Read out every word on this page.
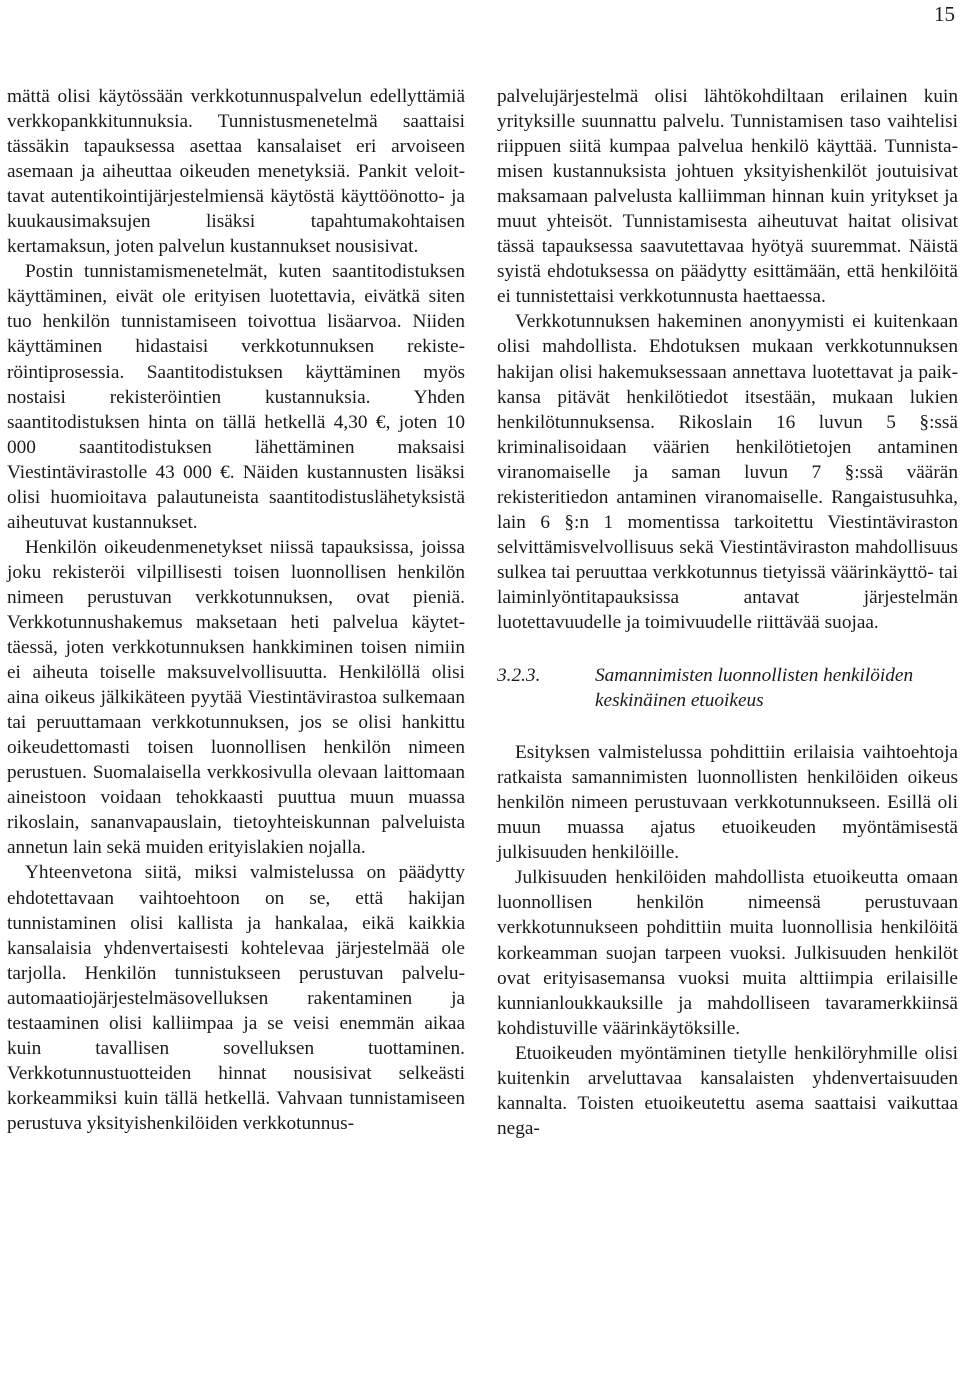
15

mättä olisi käytössään verkkotunnuspalvelun edellyttämiä verkkopankkitunnuksia. Tunnistusmenetelmä saattaisi tässäkin tapauksessa asettaa kansalaiset eri arvoiseen asemaan ja aiheuttaa oikeuden menetyksiä. Pankit veloittavat autentikointijärjestelmiensä käytöstä käyttöönotto- ja kuukausimaksujen lisäksi tapahtumakohtaisen kertamaksun, joten palvelun kustannukset nousisivat.

Postin tunnistamismenetelmät, kuten saantitodistuksen käyttäminen, eivät ole erityisen luotettavia, eivätkä siten tuo henkilön tunnistamiseen toivottua lisäarvoa. Niiden käyttäminen hidastaisi verkkotunnuksen rekisteröintiprosessia. Saantitodistuksen käyttäminen myös nostaisi rekisteröintien kustannuksia. Yhden saantitodistuksen hinta on tällä hetkellä 4,30 €, joten 10 000 saantitodistuksen lähettäminen maksaisi Viestintävirastolle 43 000 €. Näiden kustannusten lisäksi olisi huomioitava palautuneista saantitodistuslähetyksistä aiheutuvat kustannukset.

Henkilön oikeudenmenetykset niissä tapauksissa, joissa joku rekisteröi vilpillisesti toisen luonnollisen henkilön nimeen perustuvan verkkotunnuksen, ovat pieniä. Verkkotunnushakemus maksetaan heti palvelua käytettäessä, joten verkkotunnuksen hankkiminen toisen nimiin ei aiheuta toiselle maksuvelvollisuutta. Henkilöllä olisi aina oikeus jälkikäteen pyytää Viestintävirastoa sulkemaan tai peruuttamaan verkkotunnuksen, jos se olisi hankittu oikeudettomasti toisen luonnollisen henkilön nimeen perustuen. Suomalaisella verkkosivulla olevaan laittomaan aineistoon voidaan tehokkaasti puuttua muun muassa rikoslain, sananvapauslain, tietoyhteiskunnan palveluista annetun lain sekä muiden erityislakien nojalla.

Yhteenvetona siitä, miksi valmistelussa on päädytty ehdotettavaan vaihtoehtoon on se, että hakijan tunnistaminen olisi kallista ja hankalaa, eikä kaikkia kansalaisia yhdenvertaisesti kohtelevaa järjestelmää ole tarjolla. Henkilön tunnistukseen perustuvan palveluautomaatiojärjestelmäsovelluksen rakentaminen ja testaaminen olisi kalliimpaa ja se veisi enemmän aikaa kuin tavallisen sovelluksen tuottaminen. Verkkotunnustuotteiden hinnat nousisivat selkeästi korkeammiksi kuin tällä hetkellä. Vahvaan tunnistamiseen perustuva yksityishenkilöiden verkkotunnus-

palvelujärjestelmä olisi lähtökohdiltaan erilainen kuin yrityksille suunnattu palvelu. Tunnistamisen taso vaihtelisi riippuen siitä kumpaa palvelua henkilö käyttää. Tunnistamisen kustannuksista johtuen yksityishenkilöt joutuisivat maksamaan palvelusta kalliimman hinnan kuin yritykset ja muut yhteisöt. Tunnistamisesta aiheutuvat haitat olisivat tässä tapauksessa saavutettavaa hyötyä suuremmat. Näistä syistä ehdotuksessa on päädytty esittämään, että henkilöitä ei tunnistettaisi verkkotunnusta haettaessa.

Verkkotunnuksen hakeminen anonyymisti ei kuitenkaan olisi mahdollista. Ehdotuksen mukaan verkkotunnuksen hakijan olisi hakemuksessaan annettava luotettavat ja paikkansa pitävät henkilötiedot itsestään, mukaan lukien henkilötunnuksensa. Rikoslain 16 luvun 5 §:ssä kriminalisoidaan väärien henkilötietojen antaminen viranomaiselle ja saman luvun 7 §:ssä väärän rekisteritiedon antaminen viranomaiselle. Rangaistusuhka, lain 6 §:n 1 momentissa tarkoitettu Viestintäviraston selvittämisvelvollisuus sekä Viestintäviraston mahdollisuus sulkea tai peruuttaa verkkotunnus tietyissä väärinkäyttö- tai laiminlyöntitapauksissa antavat järjestelmän luotettavuudelle ja toimivuudelle riittävää suojaa.

3.2.3.	Samannimisten luonnollisten henkilöiden keskinäinen etuoikeus

Esityksen valmistelussa pohdittiin erilaisia vaihtoehtoja ratkaista samannimisten luonnollisten henkilöiden oikeus henkilön nimeen perustuvaan verkkotunnukseen. Esillä oli muun muassa ajatus etuoikeuden myöntämisestä julkisuuden henkilöille.

Julkisuuden henkilöiden mahdollista etuoikeutta omaan luonnollisen henkilön nimeensä perustuvaan verkkotunnukseen pohdittiin muita luonnollisia henkilöitä korkeamman suojan tarpeen vuoksi. Julkisuuden henkilöt ovat erityisasemansa vuoksi muita alttiimpia erilaisille kunnianloukkauksille ja mahdolliseen tavaramerkkiinsä kohdistuville väärinkäytöksille.

Etuoikeuden myöntäminen tietylle henkilöryhmille olisi kuitenkin arveluttavaa kansalaisten yhdenvertaisuuden kannalta. Toisten etuoikeutettu asema saattaisi vaikuttaa nega-
